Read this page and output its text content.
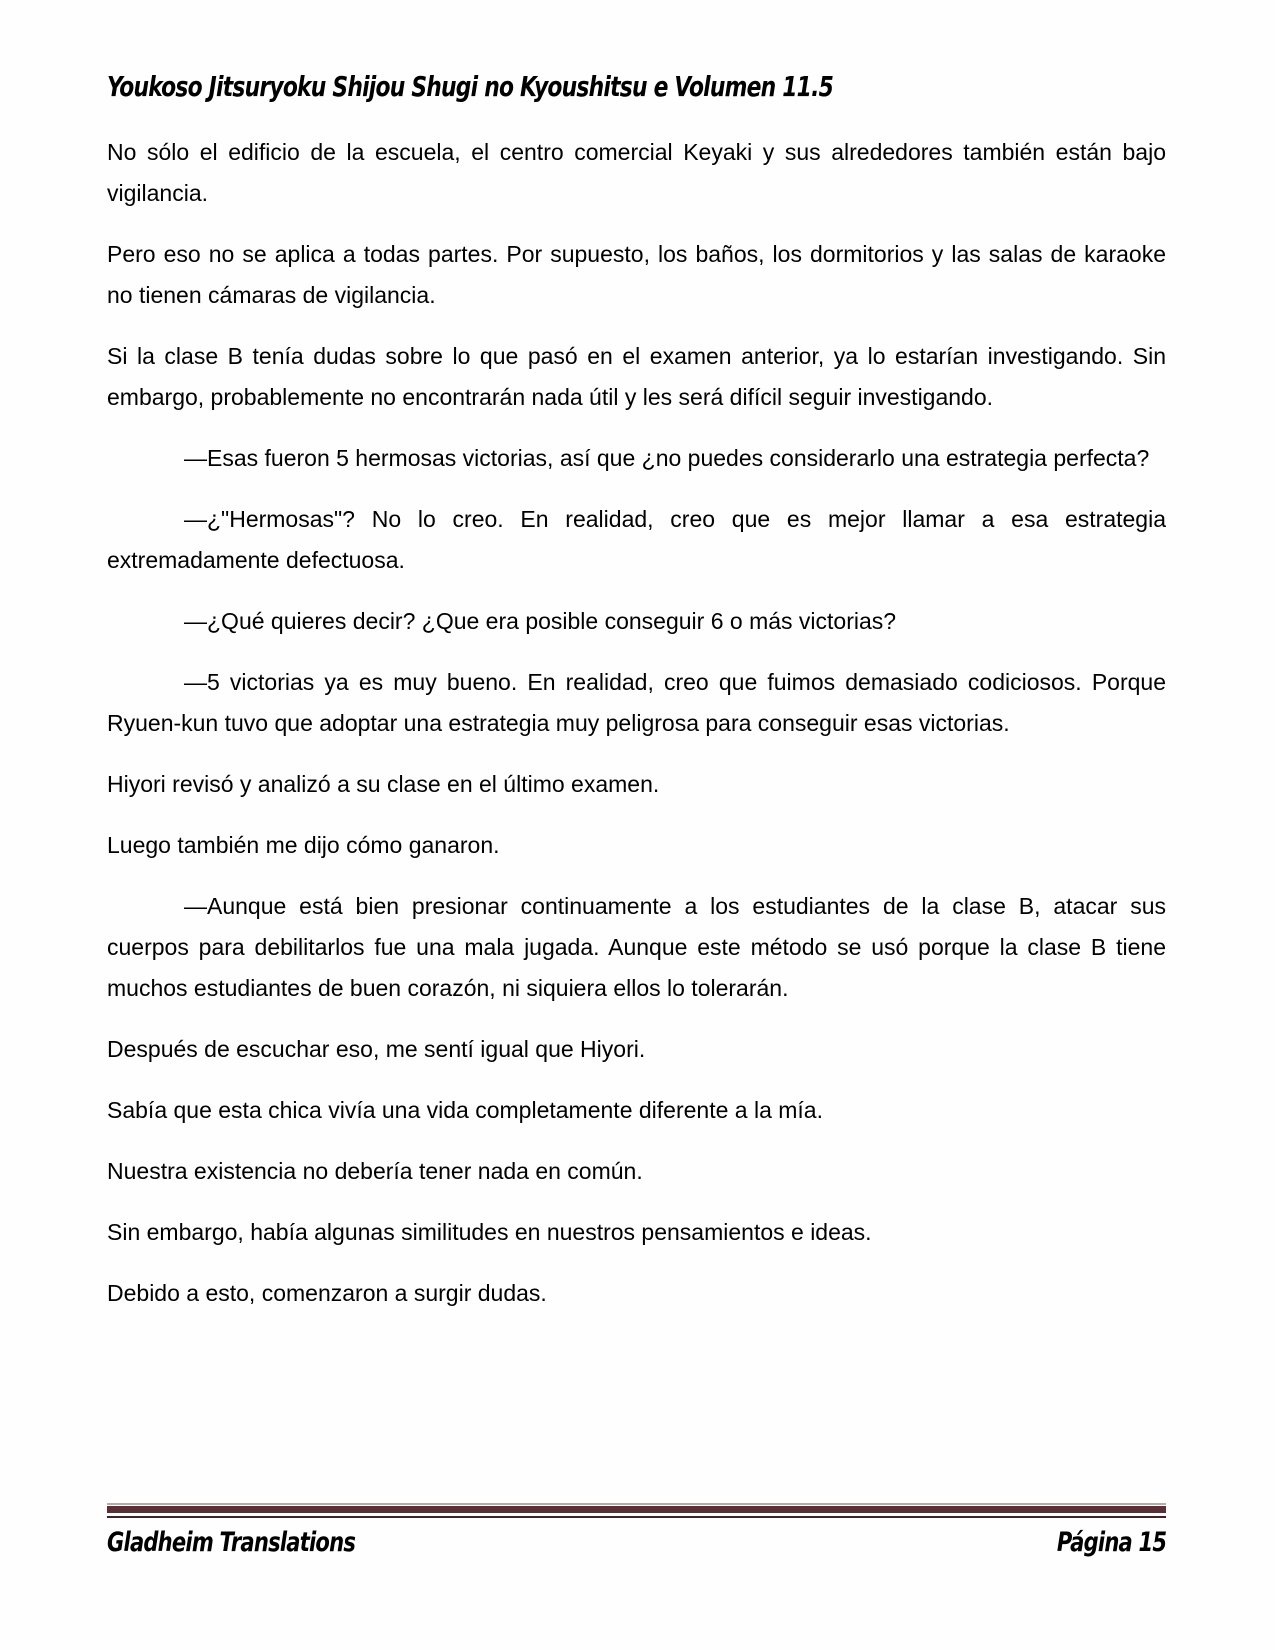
Youkoso Jitsuryoku Shijou Shugi no Kyoushitsu e Volumen 11.5

No sólo el edificio de la escuela, el centro comercial Keyaki y sus alrededores también están bajo vigilancia.

Pero eso no se aplica a todas partes. Por supuesto, los baños, los dormitorios y las salas de karaoke no tienen cámaras de vigilancia.

Si la clase B tenía dudas sobre lo que pasó en el examen anterior, ya lo estarían investigando. Sin embargo, probablemente no encontrarán nada útil y les será difícil seguir investigando.

—Esas fueron 5 hermosas victorias, así que ¿no puedes considerarlo una estrategia perfecta?

—¿"Hermosas"? No lo creo. En realidad, creo que es mejor llamar a esa estrategia extremadamente defectuosa.

—¿Qué quieres decir? ¿Que era posible conseguir 6 o más victorias?

—5 victorias ya es muy bueno. En realidad, creo que fuimos demasiado codiciosos. Porque Ryuen-kun tuvo que adoptar una estrategia muy peligrosa para conseguir esas victorias.

Hiyori revisó y analizó a su clase en el último examen.

Luego también me dijo cómo ganaron.

—Aunque está bien presionar continuamente a los estudiantes de la clase B, atacar sus cuerpos para debilitarlos fue una mala jugada. Aunque este método se usó porque la clase B tiene muchos estudiantes de buen corazón, ni siquiera ellos lo tolerarán.

Después de escuchar eso, me sentí igual que Hiyori.

Sabía que esta chica vivía una vida completamente diferente a la mía.

Nuestra existencia no debería tener nada en común.

Sin embargo, había algunas similitudes en nuestros pensamientos e ideas.

Debido a esto, comenzaron a surgir dudas.

Gladheim Translations	Página 15
